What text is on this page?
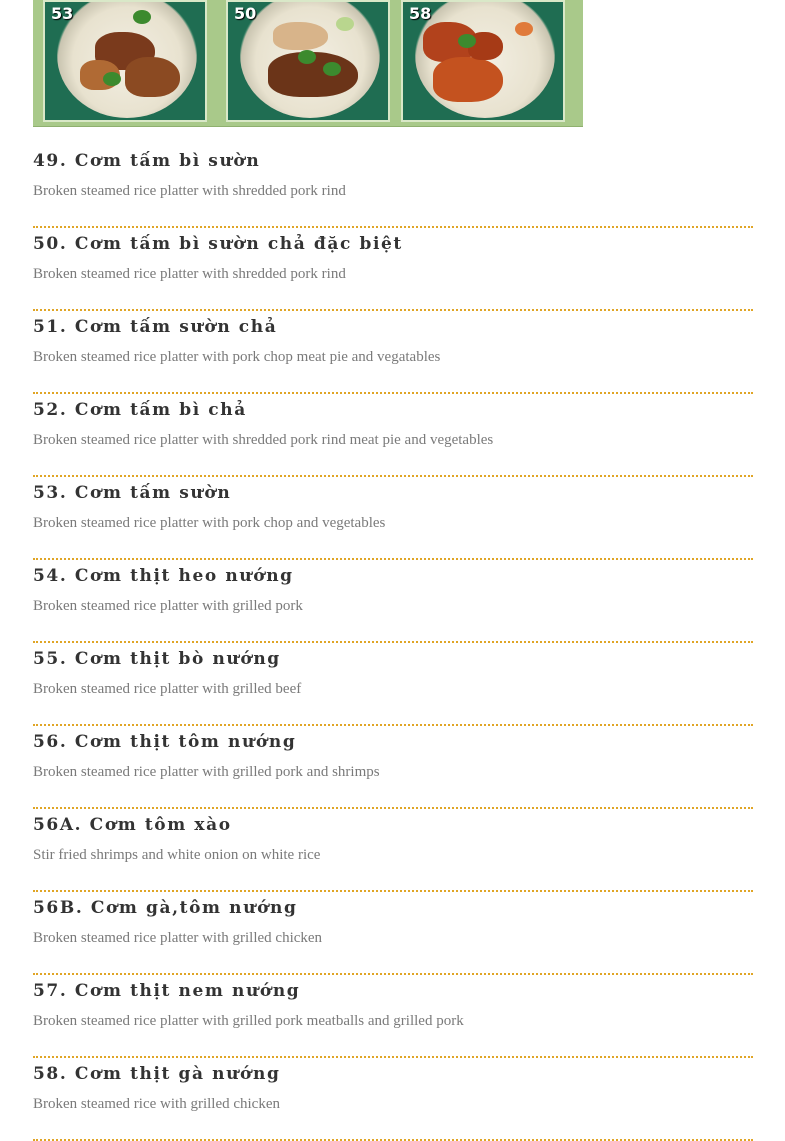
53	50	58
49. Cơm tấm bì sườn
Broken steamed rice platter with shredded pork rind
50. Cơm tấm bì sườn chả đặc biệt
Broken steamed rice platter with shredded pork rind
51. Cơm tấm sườn chả
Broken steamed rice platter with pork chop meat pie and vegatables
52. Cơm tấm bì chả
Broken steamed rice platter with shredded pork rind meat pie and vegetables
53. Cơm tấm sườn
Broken steamed rice platter with pork chop and vegetables
54. Cơm thịt heo nướng
Broken steamed rice platter with grilled pork
55. Cơm thịt bò nướng
Broken steamed rice platter with grilled beef
56. Cơm thịt tôm nướng
Broken steamed rice platter with grilled pork and shrimps
56A. Cơm tôm xào
Stir fried shrimps and white onion on white rice
56B. Cơm gà,tôm nướng
Broken steamed rice platter with grilled chicken
57. Cơm thịt nem nướng
Broken steamed rice platter with grilled pork meatballs and grilled pork
58. Cơm thịt gà nướng
Broken steamed rice with grilled chicken
